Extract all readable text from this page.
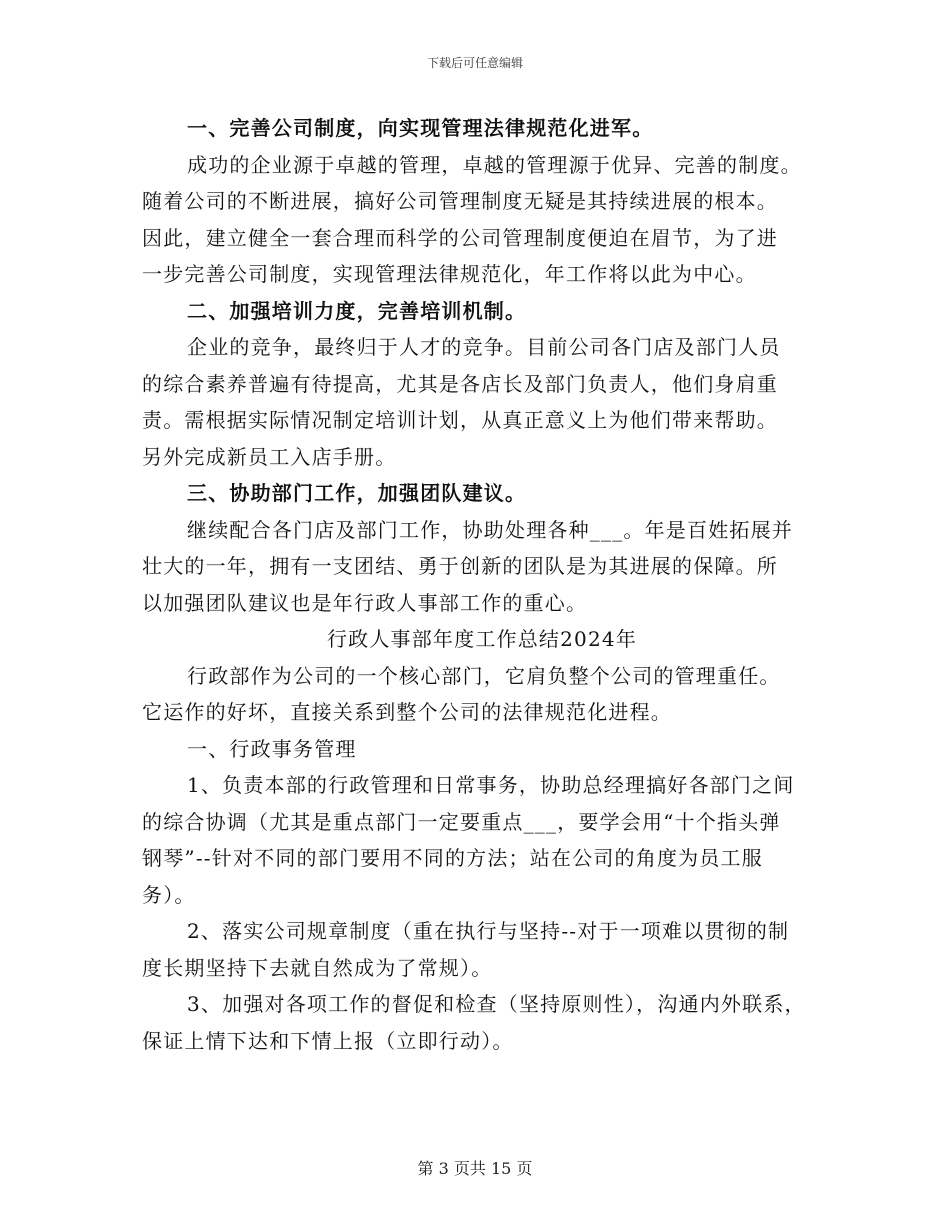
下载后可任意编辑
一、完善公司制度，向实现管理法律规范化进军。
成功的企业源于卓越的管理，卓越的管理源于优异、完善的制度。
随着公司的不断进展，搞好公司管理制度无疑是其持续进展的根本。
因此，建立健全一套合理而科学的公司管理制度便迫在眉节，为了进
一步完善公司制度，实现管理法律规范化，年工作将以此为中心。
二、加强培训力度，完善培训机制。
企业的竞争，最终归于人才的竞争。目前公司各门店及部门人员
的综合素养普遍有待提高，尤其是各店长及部门负责人，他们身肩重
责。需根据实际情况制定培训计划，从真正意义上为他们带来帮助。
另外完成新员工入店手册。
三、协助部门工作，加强团队建议。
继续配合各门店及部门工作，协助处理各种___。年是百姓拓展并
壮大的一年，拥有一支团结、勇于创新的团队是为其进展的保障。所
以加强团队建议也是年行政人事部工作的重心。
行政人事部年度工作总结2024年
行政部作为公司的一个核心部门，它肩负整个公司的管理重任。
它运作的好坏，直接关系到整个公司的法律规范化进程。
一、行政事务管理
1、负责本部的行政管理和日常事务，协助总经理搞好各部门之间
的综合协调（尤其是重点部门一定要重点___，要学会用“十个指头弹
钢琴”--针对不同的部门要用不同的方法；站在公司的角度为员工服
务）。
2、落实公司规章制度（重在执行与坚持--对于一项难以贯彻的制
度长期坚持下去就自然成为了常规）。
3、加强对各项工作的督促和检查（坚持原则性），沟通内外联系，
保证上情下达和下情上报（立即行动）。
第 3 页共 15 页
